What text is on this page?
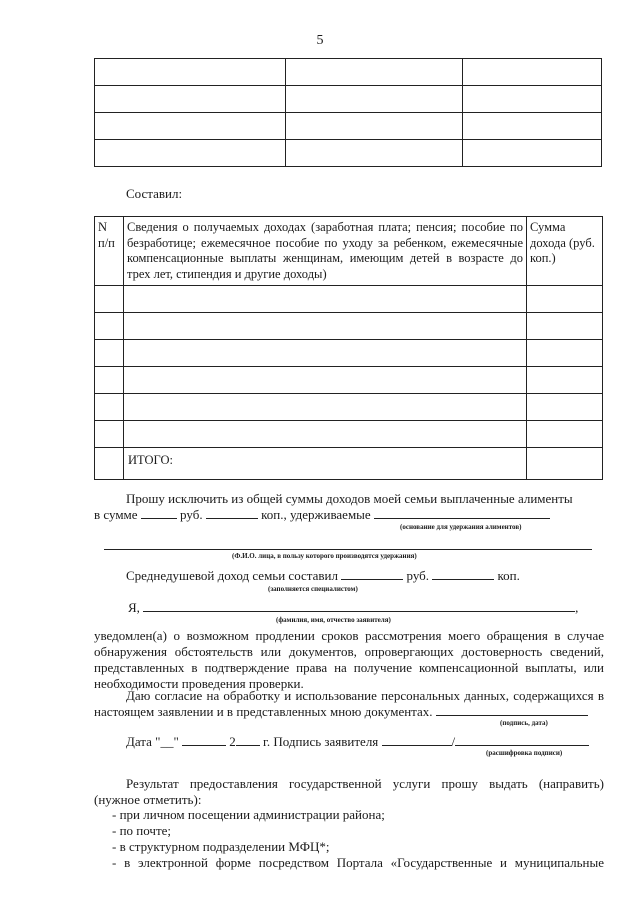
5

Составил:
N п/п	Сведения о получаемых доходах (заработная плата; пенсия; пособие по безработице; ежемесячное пособие по уходу за ребенком, ежемесячные компенсационные выплаты женщинам, имеющим детей в возрасте до трех лет, стипендия и другие доходы)	Сумма дохода (руб. коп.)

	ИТОГО:	
Прошу исключить из общей суммы доходов моей семьи выплаченные алименты
в сумме	руб.	коп., удерживаемые
(основание для удержания алиментов)
(Ф.И.О. лица, в пользу которого производятся удержания)
Среднедушевой доход семьи составил	руб.	коп.
(заполняется специалистом)
Я,	,
(фамилия, имя, отчество заявителя)
уведомлен(а) о возможном продлении сроков рассмотрения моего обращения в случае обнаружения обстоятельств или документов, опровергающих достоверность сведений, представленных в подтверждение права на получение компенсационной выплаты, или необходимости проведения проверки.
Даю согласие на обработку и использование персональных данных, содержащихся в настоящем заявлении и в представленных мною документах.
(подпись, дата)
Дата "__"	2 г. Подпись заявителя	/
(расшифровка подписи)
Результат предоставления государственной услуги прошу выдать (направить) (нужное отметить):
- при личном посещении администрации района;
- по почте;
- в структурном подразделении МФЦ*;
- в электронной форме посредством Портала «Государственные и муниципальные
